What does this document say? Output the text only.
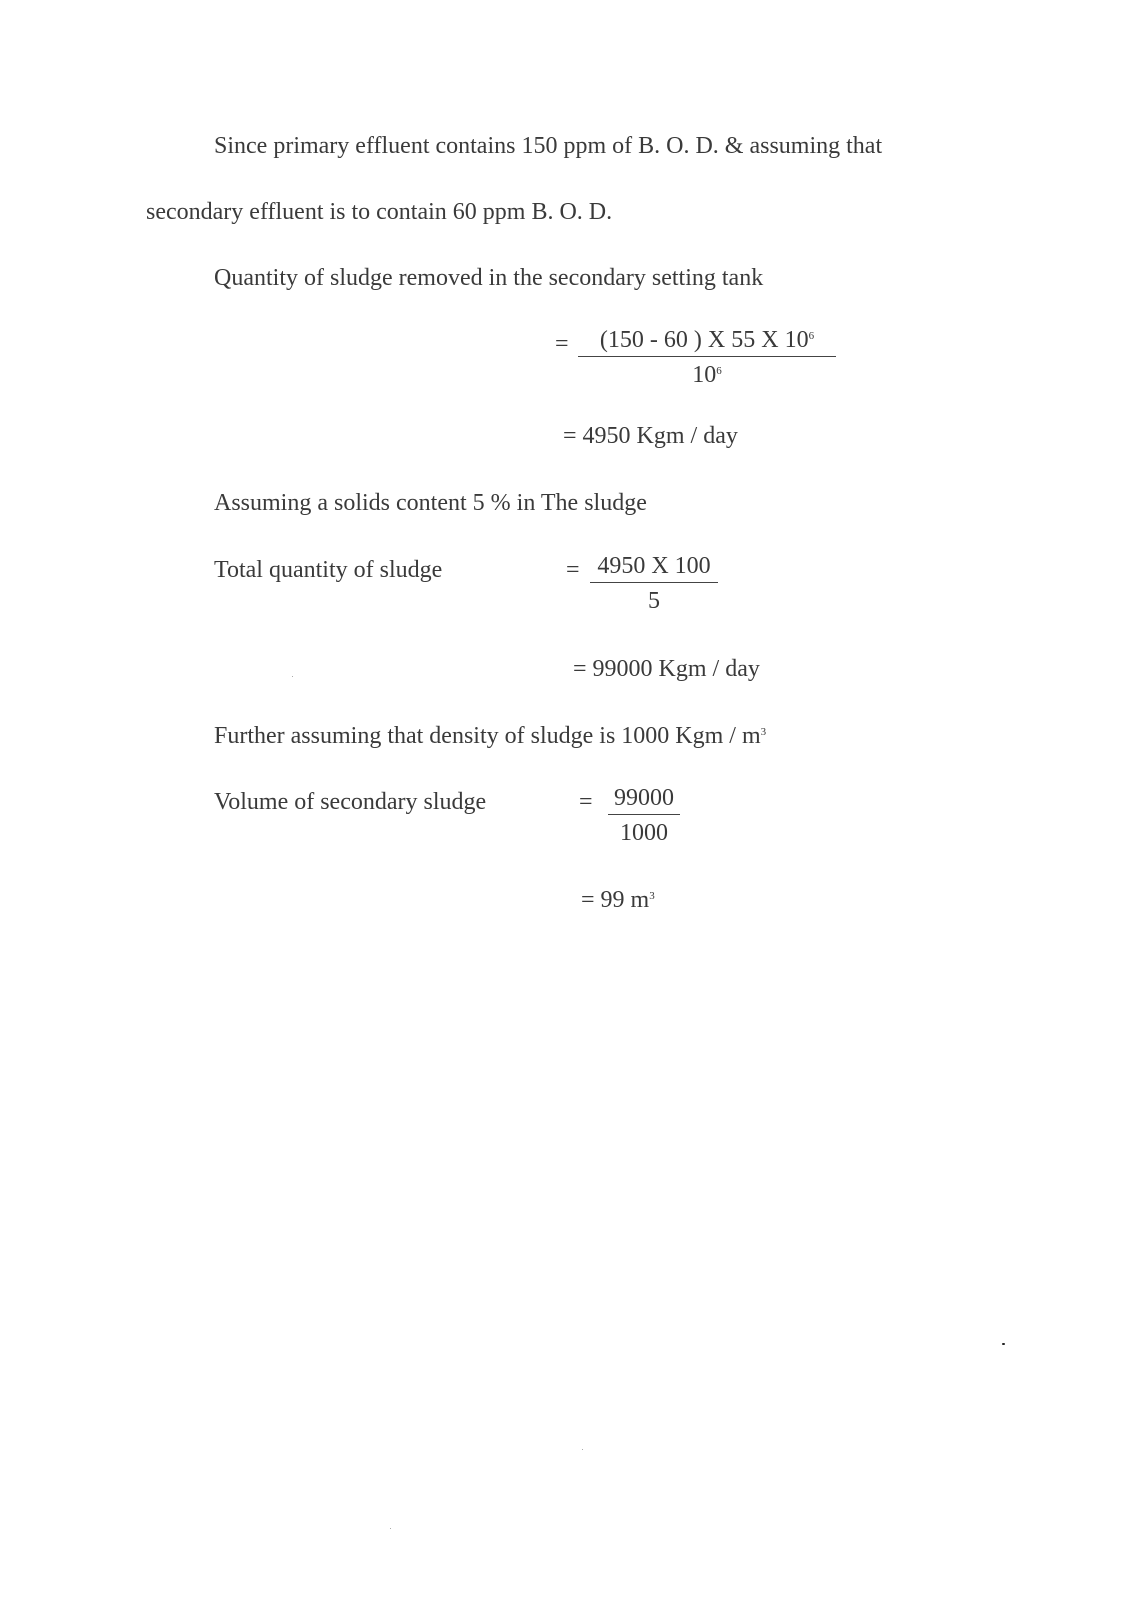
Since primary effluent contains 150 ppm of B. O. D. & assuming that
secondary effluent is to contain 60 ppm B. O. D.
Quantity of sludge removed in the secondary setting tank
= $\frac{(150 - 60 ) X 55 X 10^6}{10^6}$
= 4950 Kgm / day
Assuming a solids content 5 % in The sludge
Total quantity of sludge	= $\frac{4950 X 100}{5}$
= 99000 Kgm / day
Further assuming that density of sludge is 1000 Kgm / $m^3$
Volume of secondary sludge	= $\frac{99000}{1000}$
= 99 $m^3$
